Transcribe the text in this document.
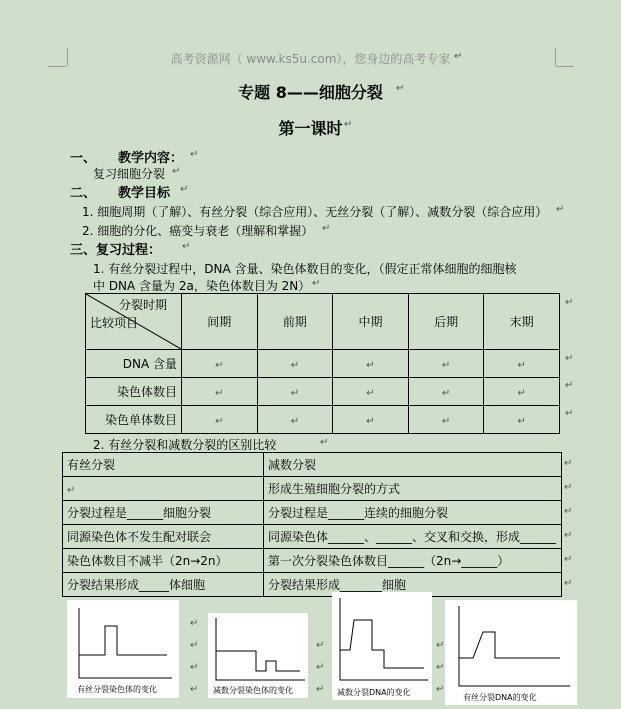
高考资源网（ www.ks5u.com），您身边的高考专家
专题 8——细胞分裂
第一课时
一、 教学内容：
复习细胞分裂
二、 教学目标
1. 细胞周期（了解）、有丝分裂（综合应用）、无丝分裂（了解）、减数分裂（综合应用）
2. 细胞的分化、癌变与衰老（理解和掌握）
三、复习过程：
1. 有丝分裂过程中，DNA 含量、染色体数目的变化，（假定正常体细胞的细胞核
中 DNA 含量为 2a，染色体数目为 2N）
分裂时期
比较项目	间期	前期	中期	后期	末期
DNA 含量	↵	↵	↵	↵	↵
染色体数目	↵	↵	↵	↵	↵
染色单体数目	↵	↵	↵	↵	↵
2. 有丝分裂和减数分裂的区别比较
有丝分裂	减数分裂
↵	形成生殖细胞分裂的方式
分裂过程是______细胞分裂	分裂过程是______连续的细胞分裂
同源染色体不发生配对联会	同源染色体______、______、交叉和交换，形成______
染色体数目不减半（2n→2n）	第一次分裂染色体数目______（2n→______）
分裂结果形成_____体细胞	分裂结果形成_______细胞
有丝分裂染色体的变化	减数分裂染色体的变化	减数分裂DNA的变化
有丝分裂DNA的变化
↵
↵
↵
↵
↵
↵
↵
↵
↵
↵
↵
↵
↵
↵
↵
↵
↵
↵
↵
↵
↵
↵
↵
↵
↵
↵
↵
↵
↵
↵
↵
